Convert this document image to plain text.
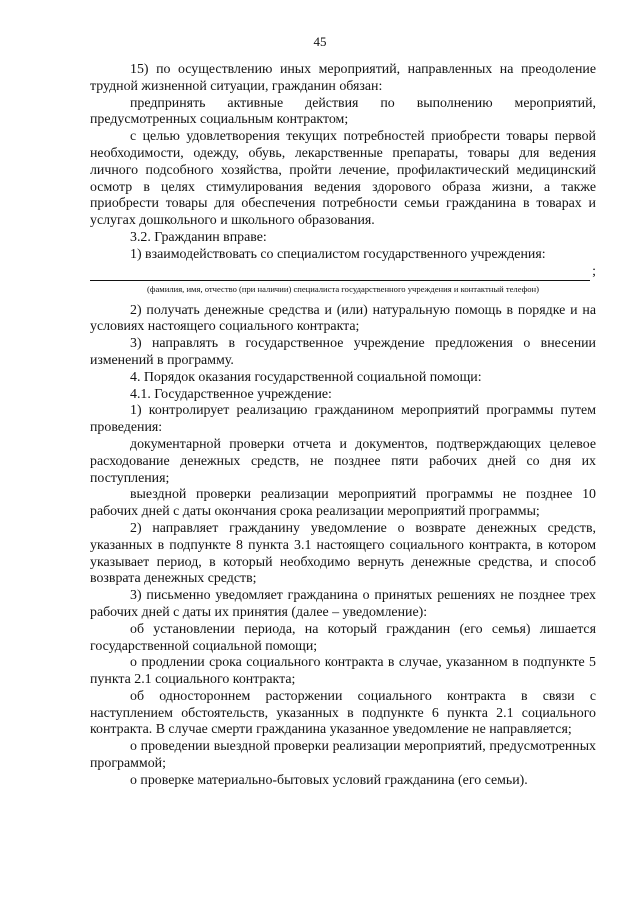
45

15) по осуществлению иных мероприятий, направленных на преодоление трудной жизненной ситуации, гражданин обязан:

предпринять активные действия по выполнению мероприятий, предусмотренных социальным контрактом;

с целью удовлетворения текущих потребностей приобрести товары первой необходимости, одежду, обувь, лекарственные препараты, товары для ведения личного подсобного хозяйства, пройти лечение, профилактический медицинский осмотр в целях стимулирования ведения здорового образа жизни, а также приобрести товары для обеспечения потребности семьи гражданина в товарах и услугах дошкольного и школьного образования.

3.2. Гражданин вправе:

1) взаимодействовать со специалистом государственного учреждения:

;
(фамилия, имя, отчество (при наличии) специалиста государственного учреждения и контактный телефон)

2) получать денежные средства и (или) натуральную помощь в порядке и на условиях настоящего социального контракта;

3) направлять в государственное учреждение предложения о внесении изменений в программу.

4. Порядок оказания государственной социальной помощи:

4.1. Государственное учреждение:

1) контролирует реализацию гражданином мероприятий программы путем проведения:

документарной проверки отчета и документов, подтверждающих целевое расходование денежных средств, не позднее пяти рабочих дней со дня их поступления;

выездной проверки реализации мероприятий программы не позднее 10 рабочих дней с даты окончания срока реализации мероприятий программы;

2) направляет гражданину уведомление о возврате денежных средств, указанных в подпункте 8 пункта 3.1 настоящего социального контракта, в котором указывает период, в который необходимо вернуть денежные средства, и способ возврата денежных средств;

3) письменно уведомляет гражданина о принятых решениях не позднее трех рабочих дней с даты их принятия (далее – уведомление):

об установлении периода, на который гражданин (его семья) лишается государственной социальной помощи;

о продлении срока социального контракта в случае, указанном в подпункте 5 пункта 2.1 социального контракта;

об одностороннем расторжении социального контракта в связи с наступлением обстоятельств, указанных в подпункте 6 пункта 2.1 социального контракта. В случае смерти гражданина указанное уведомление не направляется;

о проведении выездной проверки реализации мероприятий, предусмотренных программой;

о проверке материально-бытовых условий гражданина (его семьи).
